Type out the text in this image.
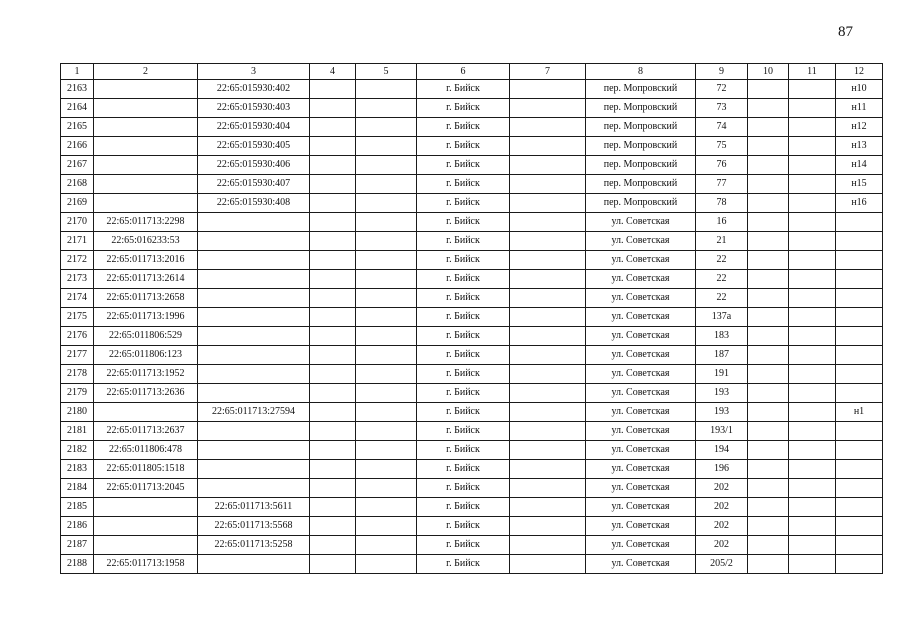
87
1	2	3	4	5	6	7	8	9	10	11	12
2163		22:65:015930:402			г. Бийск		пер. Мопровский	72			н10
2164		22:65:015930:403			г. Бийск		пер. Мопровский	73			н11
2165		22:65:015930:404			г. Бийск		пер. Мопровский	74			н12
2166		22:65:015930:405			г. Бийск		пер. Мопровский	75			н13
2167		22:65:015930:406			г. Бийск		пер. Мопровский	76			н14
2168		22:65:015930:407			г. Бийск		пер. Мопровский	77			н15
2169		22:65:015930:408			г. Бийск		пер. Мопровский	78			н16
2170	22:65:011713:2298				г. Бийск		ул. Советская	16			
2171	22:65:016233:53				г. Бийск		ул. Советская	21			
2172	22:65:011713:2016				г. Бийск		ул. Советская	22			
2173	22:65:011713:2614				г. Бийск		ул. Советская	22			
2174	22:65:011713:2658				г. Бийск		ул. Советская	22			
2175	22:65:011713:1996				г. Бийск		ул. Советская	137а			
2176	22:65:011806:529				г. Бийск		ул. Советская	183			
2177	22:65:011806:123				г. Бийск		ул. Советская	187			
2178	22:65:011713:1952				г. Бийск		ул. Советская	191			
2179	22:65:011713:2636				г. Бийск		ул. Советская	193			
2180		22:65:011713:27594			г. Бийск		ул. Советская	193			н1
2181	22:65:011713:2637				г. Бийск		ул. Советская	193/1			
2182	22:65:011806:478				г. Бийск		ул. Советская	194			
2183	22:65:011805:1518				г. Бийск		ул. Советская	196			
2184	22:65:011713:2045				г. Бийск		ул. Советская	202			
2185		22:65:011713:5611			г. Бийск		ул. Советская	202			
2186		22:65:011713:5568			г. Бийск		ул. Советская	202			
2187		22:65:011713:5258			г. Бийск		ул. Советская	202			
2188	22:65:011713:1958				г. Бийск		ул. Советская	205/2			
